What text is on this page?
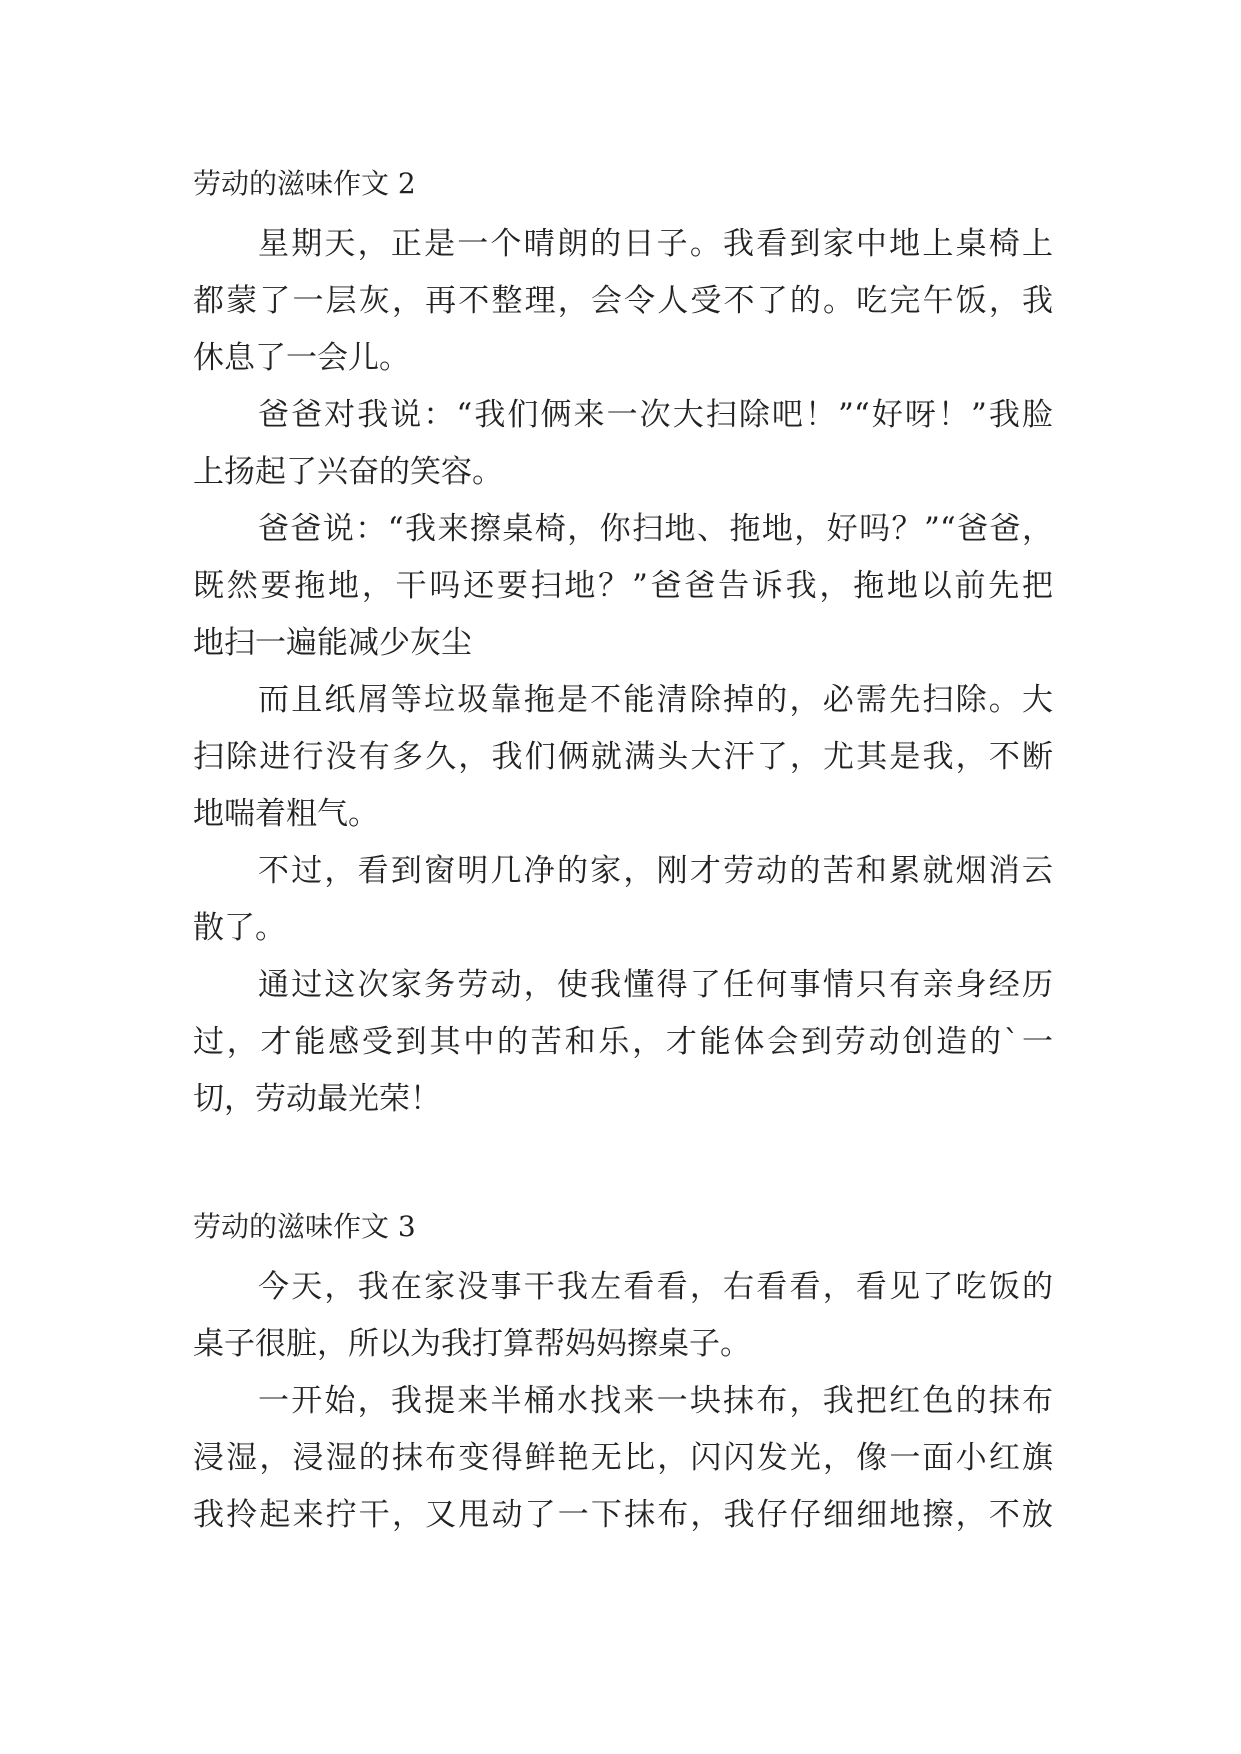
劳动的滋味作文 2
星期天，正是一个晴朗的日子。我看到家中地上桌椅上
都蒙了一层灰，再不整理，会令人受不了的。吃完午饭，我
休息了一会儿。
爸爸对我说：“我们俩来一次大扫除吧！”“好呀！”我脸
上扬起了兴奋的笑容。
爸爸说：“我来擦桌椅，你扫地、拖地，好吗？”“爸爸，
既然要拖地，干吗还要扫地？”爸爸告诉我，拖地以前先把
地扫一遍能减少灰尘
而且纸屑等垃圾靠拖是不能清除掉的，必需先扫除。大
扫除进行没有多久，我们俩就满头大汗了，尤其是我，不断
地喘着粗气。
不过，看到窗明几净的家，刚才劳动的苦和累就烟消云
散了。
通过这次家务劳动，使我懂得了任何事情只有亲身经历
过，才能感受到其中的苦和乐，才能体会到劳动创造的`一
切，劳动最光荣！
劳动的滋味作文 3
今天，我在家没事干我左看看，右看看，看见了吃饭的
桌子很脏，所以为我打算帮妈妈擦桌子。
一开始，我提来半桶水找来一块抹布，我把红色的抹布
浸湿，浸湿的抹布变得鲜艳无比，闪闪发光，像一面小红旗
我拎起来拧干，又甩动了一下抹布，我仔仔细细地擦，不放
